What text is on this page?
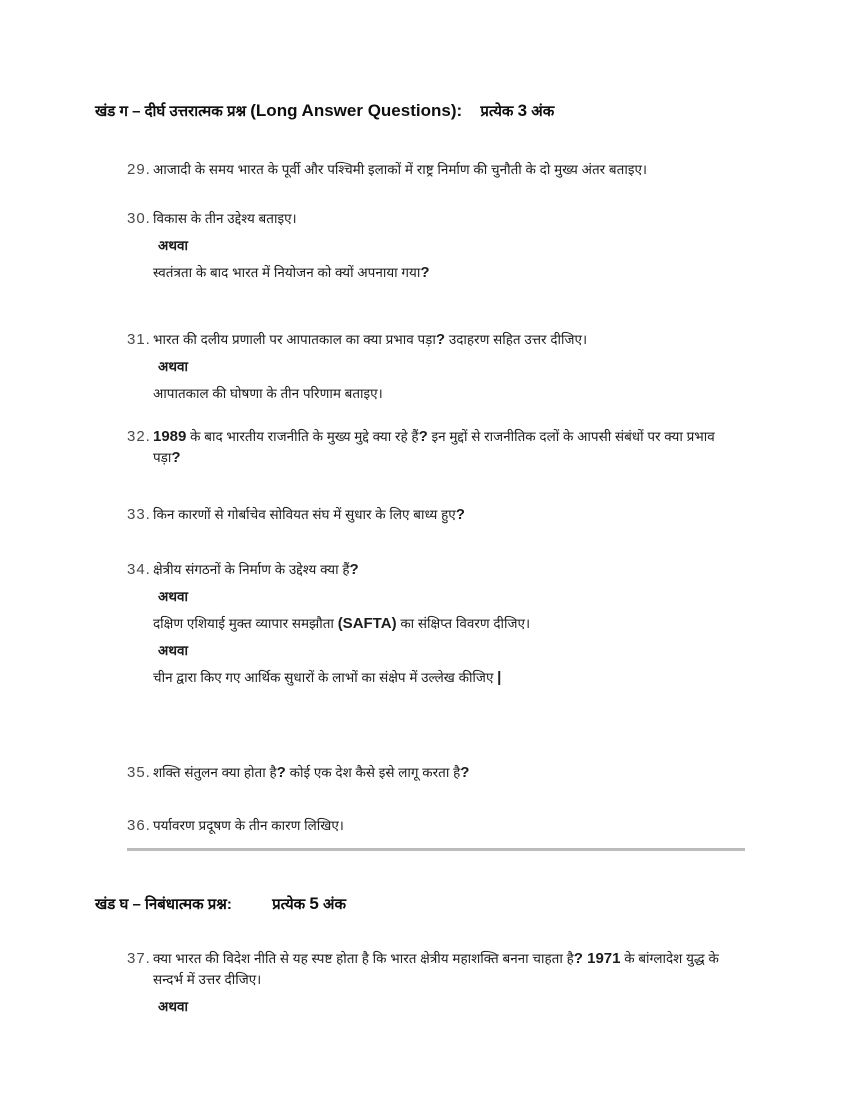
खंड ग – दीर्घ उत्तरात्मक प्रश्न (Long Answer Questions): प्रत्येक 3 अंक
29. आजादी के समय भारत के पूर्वी और पश्चिमी इलाकों में राष्ट्र निर्माण की चुनौती के दो मुख्य अंतर बताइए।
30. विकास के तीन उद्देश्य बताइए।
अथवा
स्वतंत्रता के बाद भारत में नियोजन को क्यों अपनाया गया?
31. भारत की दलीय प्रणाली पर आपातकाल का क्या प्रभाव पड़ा? उदाहरण सहित उत्तर दीजिए।
अथवा
आपातकाल की घोषणा के तीन परिणाम बताइए।
32. 1989 के बाद भारतीय राजनीति के मुख्य मुद्दे क्या रहे हैं? इन मुद्दों से राजनीतिक दलों के आपसी संबंधों पर क्या प्रभाव पड़ा?
33. किन कारणों से गोर्बाचेव सोवियत संघ में सुधार के लिए बाध्य हुए?
34. क्षेत्रीय संगठनों के निर्माण के उद्देश्य क्या हैं?
अथवा
दक्षिण एशियाई मुक्त व्यापार समझौता (SAFTA) का संक्षिप्त विवरण दीजिए।
अथवा
चीन द्वारा किए गए आर्थिक सुधारों के लाभों का संक्षेप में उल्लेख कीजिए |
35. शक्ति संतुलन क्या होता है? कोई एक देश कैसे इसे लागू करता है?
36. पर्यावरण प्रदूषण के तीन कारण लिखिए।
खंड घ – निबंधात्मक प्रश्न:	प्रत्येक 5 अंक
37. क्या भारत की विदेश नीति से यह स्पष्ट होता है कि भारत क्षेत्रीय महाशक्ति बनना चाहता है? 1971 के बांग्लादेश युद्ध के सन्दर्भ में उत्तर दीजिए।
अथवा
